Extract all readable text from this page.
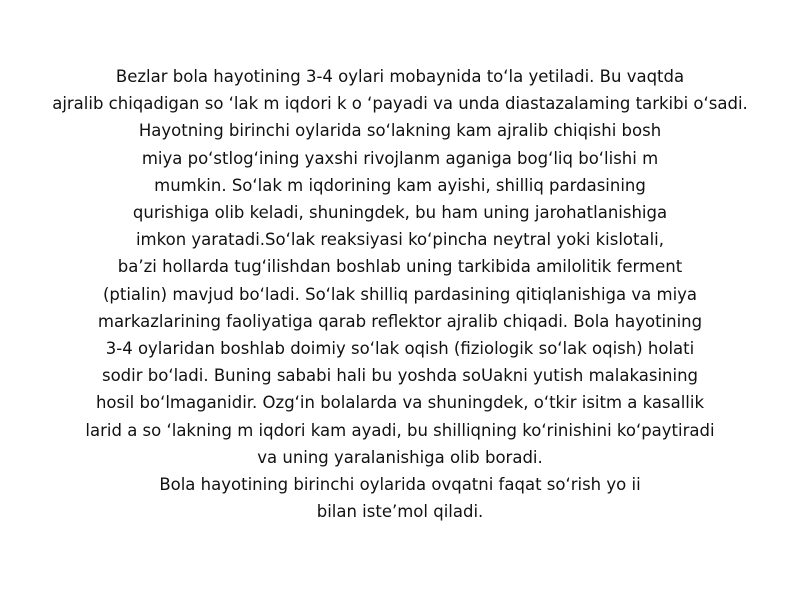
Bezlar bola hayotining 3-4 oylari mobaynida to‘la yetiladi. Bu vaqtda
ajralib chiqadigan so ‘lak m iqdori k o ‘payadi va unda diastazalaming tarkibi o‘sadi.
Hayotning birinchi oylarida so‘lakning kam ajralib chiqishi bosh
miya po‘stlog‘ining yaxshi rivojlanm aganiga bog‘liq bo‘lishi m
mumkin. So‘lak m iqdorining kam ayishi, shilliq pardasining
qurishiga olib keladi, shuningdek, bu ham uning jarohatlanishiga
imkon yaratadi.So‘lak reaksiyasi ko‘pincha neytral yoki kislotali,
ba’zi hollarda tug‘ilishdan boshlab uning tarkibida amilolitik ferment
(ptialin) mavjud bo‘ladi. So‘lak shilliq pardasining qitiqlanishiga va miya
markazlarining faoliyatiga qarab reflektor ajralib chiqadi. Bola hayotining
3-4 oylaridan boshlab doimiy so‘lak oqish (fiziologik so‘lak oqish) holati
sodir bo‘ladi. Buning sababi hali bu yoshda soUakni yutish malakasining
hosil bo‘lmaganidir. Ozg‘in bolalarda va shuningdek, o‘tkir isitm a kasallik
larid a so ‘lakning m iqdori kam ayadi, bu shilliqning ko‘rinishini ko‘paytiradi
va uning yaralanishiga olib boradi.
Bola hayotining birinchi oylarida ovqatni faqat so‘rish yo ii
bilan iste’mol qiladi.
